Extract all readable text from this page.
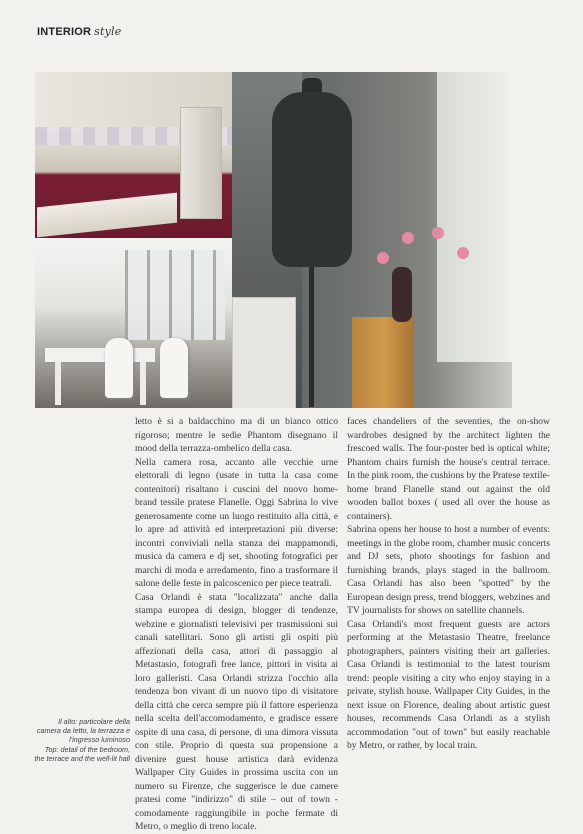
INTERIOR style
Il alto: particolare della
camera da letto, la terrazza e
l'ingresso luminoso
Top: detail of the bedroom,
the terrace and the well-lit hall

letto è si a baldacchino ma di un bianco ottico rigoroso; mentre le sedie Phantom disegnano il mood della terrazza-ombelico della casa.

Nella camera rosa, accanto alle vecchie urne elettorali di legno (usate in tutta la casa come contenitori) risaltano i cuscini del nuovo home-brand tessile pratese Flanelle. Oggi Sabrina lo vive generosamente come un luogo restituito alla città, e lo apre ad attività ed interpretazioni più diverse: incontri conviviali nella stanza dei mappamondi, musica da camera e dj set, shooting fotografici per marchi di moda e arredamento, fino a trasformare il salone delle feste in palcoscenico per piece teatrali.

Casa Orlandi è stata "localizzata" anche dalla stampa europea di design, blogger di tendenze, webzine e giornalisti televisivi per trasmissioni sui canali satellitari. Sono gli artisti gli ospiti più affezionati della casa, attori di passaggio al Metastasio, fotografi free lance, pittori in visita ai loro galleristi. Casa Orlandi strizza l'occhio alla tendenza bon vivant di un nuovo tipo di visitatore della città che cerca sempre più il fattore esperienza nella scelta dell'accomodamento, e gradisce essere ospite di una casa, di persone, di una dimora vissuta con stile. Proprio di questa sua propensione a divenire guest house artistica darà evidenza Wallpaper City Guides in prossima uscita con un numero su Firenze, che suggerisce le due camere pratesi come "indirizzo" di stile – out of town - comodamente raggiungibile in poche fermate di Metro, o meglio di treno locale.

faces chandeliers of the seventies, the on-show wardrobes designed by the architect lighten the frescoed walls. The four-poster bed is optical white; Phantom chairs furnish the house's central terrace. In the pink room, the cushions by the Pratese textile-home brand Flanelle stand out against the old wooden ballot boxes ( used all over the house as containers).

Sabrina opens her house to host a number of events: meetings in the globe room, chamber music concerts and DJ sets, photo shootings for fashion and furnishing brands, plays staged in the ballroom. Casa Orlandi has also been "spotted" by the European design press, trend bloggers, webzines and TV journalists for shows on satellite channels.

Casa Orlandi's most frequent guests are actors performing at the Metastasio Theatre, freelance photographers, painters visiting their art galleries. Casa Orlandi is testimonial to the latest tourism trend: people visiting a city who enjoy staying in a private, stylish house. Wallpaper City Guides, in the next issue on Florence, dealing about artistic guest houses, recommends Casa Orlandi as a stylish accommodation "out of town" but easily reachable by Metro, or rather, by local train.
